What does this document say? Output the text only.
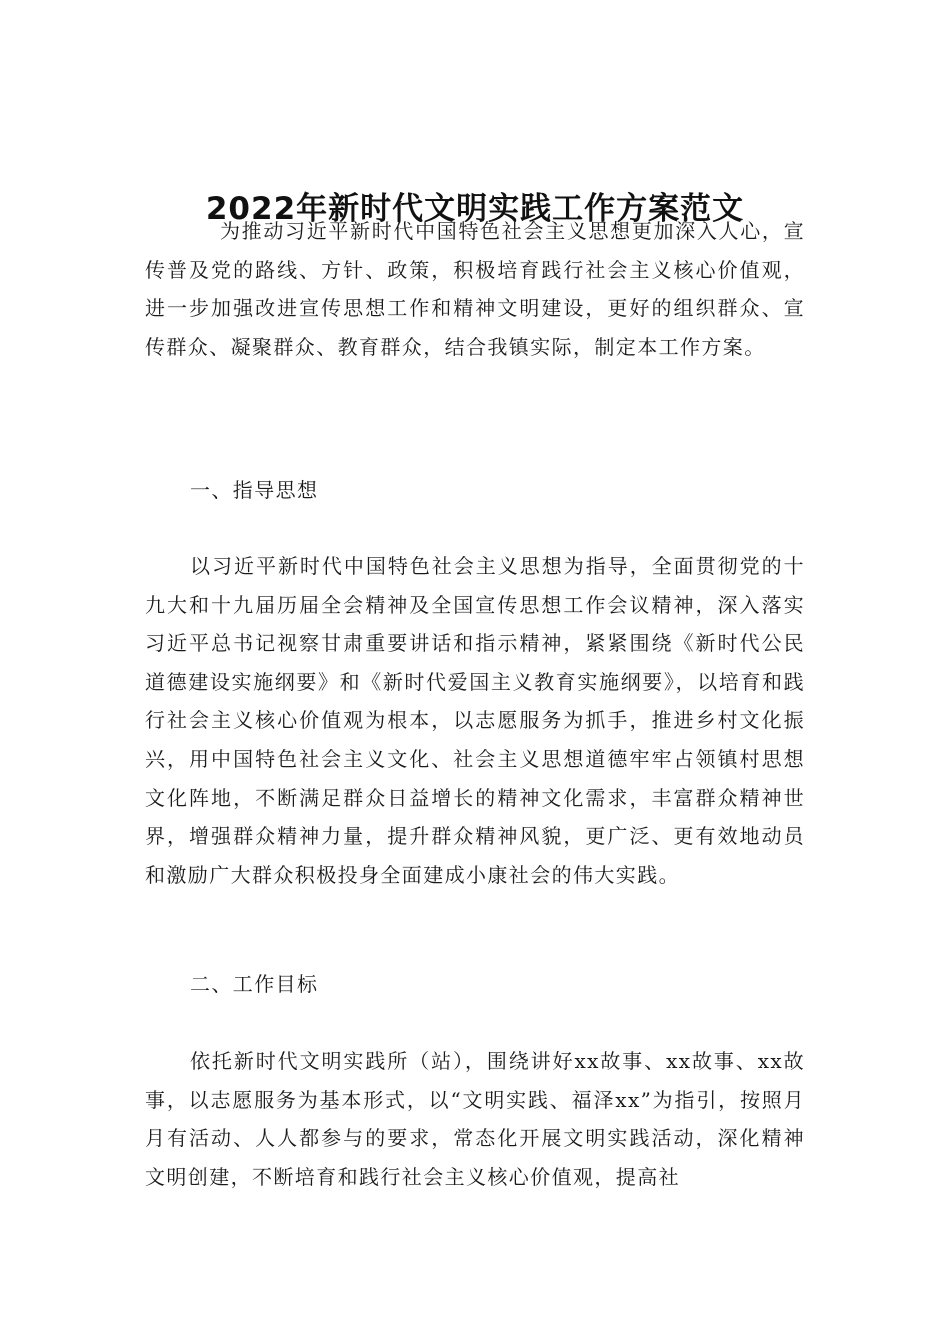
2022年新时代文明实践工作方案范文

为推动习近平新时代中国特色社会主义思想更加深入人心，宣传普及党的路线、方针、政策，积极培育践行社会主义核心价值观，进一步加强改进宣传思想工作和精神文明建设，更好的组织群众、宣传群众、凝聚群众、教育群众，结合我镇实际，制定本工作方案。

一、指导思想

以习近平新时代中国特色社会主义思想为指导，全面贯彻党的十九大和十九届历届全会精神及全国宣传思想工作会议精神，深入落实习近平总书记视察甘肃重要讲话和指示精神，紧紧围绕《新时代公民道德建设实施纲要》和《新时代爱国主义教育实施纲要》，以培育和践行社会主义核心价值观为根本，以志愿服务为抓手，推进乡村文化振兴，用中国特色社会主义文化、社会主义思想道德牢牢占领镇村思想文化阵地，不断满足群众日益增长的精神文化需求，丰富群众精神世界，增强群众精神力量，提升群众精神风貌，更广泛、更有效地动员和激励广大群众积极投身全面建成小康社会的伟大实践。

二、工作目标

依托新时代文明实践所（站），围绕讲好xx故事、xx故事、xx故事，以志愿服务为基本形式，以“文明实践、福泽xx”为指引，按照月月有活动、人人都参与的要求，常态化开展文明实践活动，深化精神文明创建，不断培育和践行社会主义核心价值观，提高社
